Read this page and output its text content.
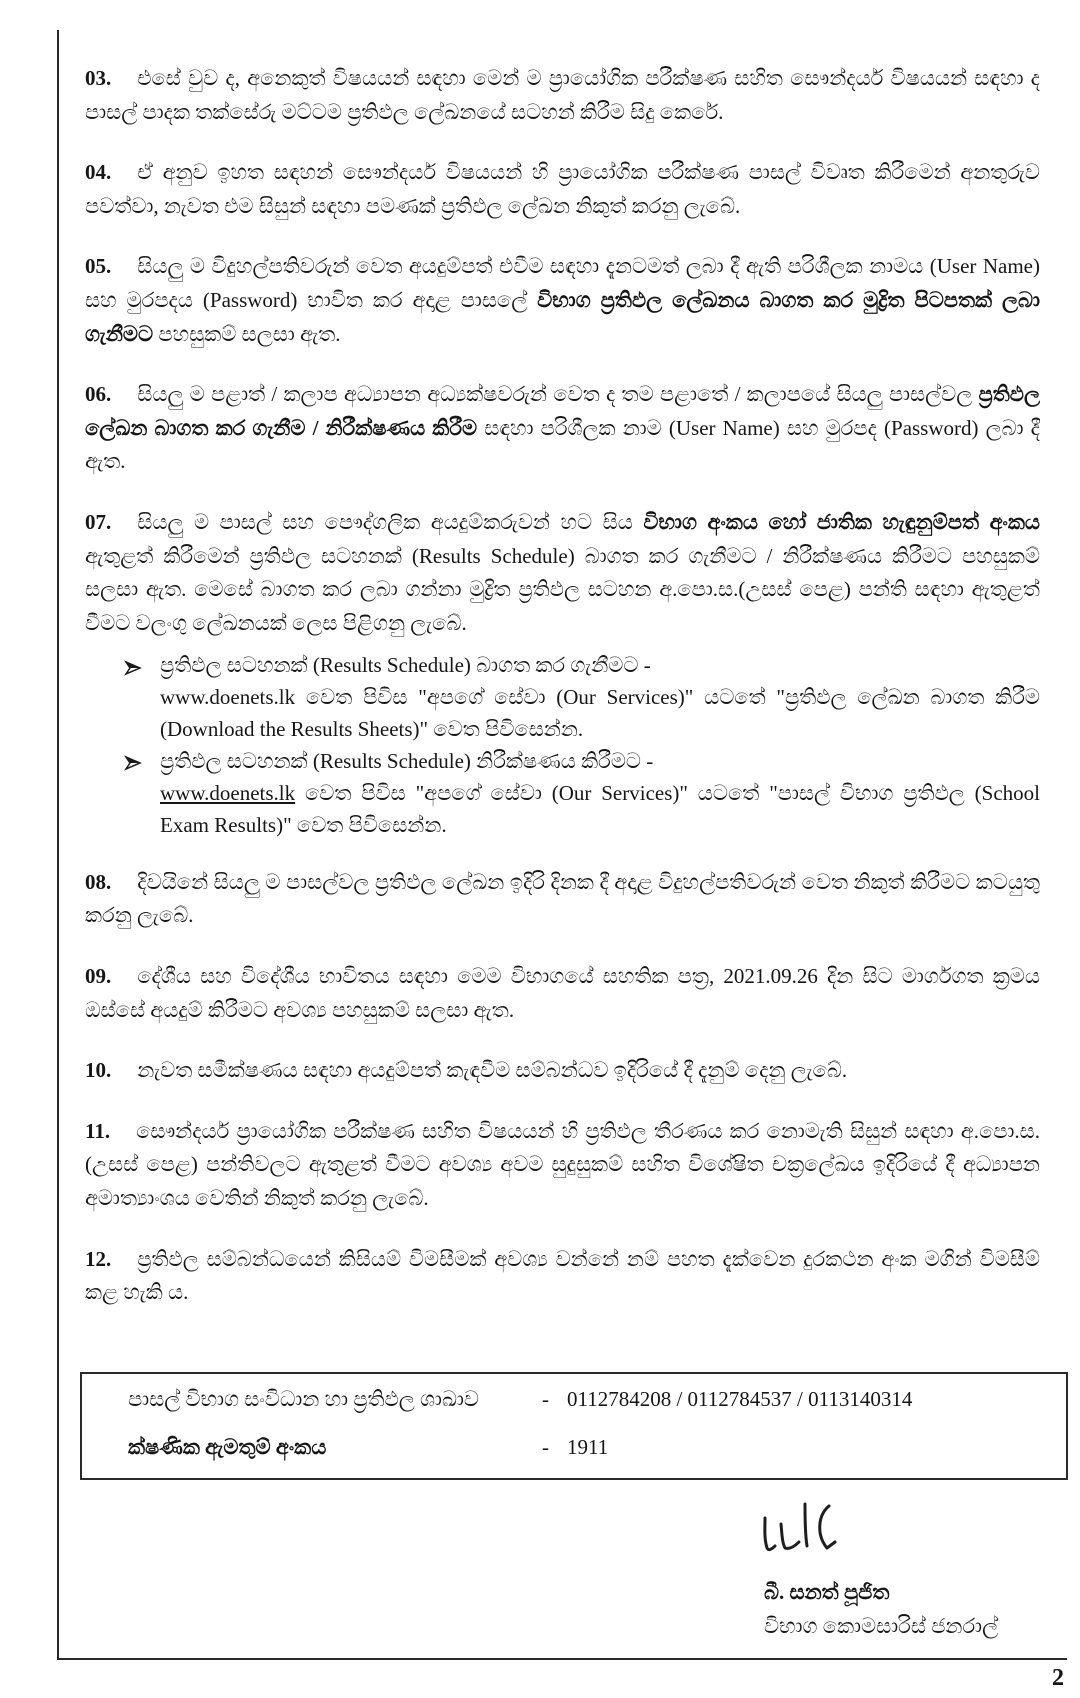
03. එසේ වුව ද, අනෙකුත් විෂයයන් සඳහා මෙන් ම ප්‍රායෝගික පරීක්ෂණ සහිත සෞන්දර්ය විෂයයන් සඳහා ද පාසල් පාදක තක්සේරු මට්ටම ප්‍රතිඵල ලේඛනයේ සටහන් කිරීම සිදු කෙරේ.

04. ඒ අනුව ඉහත සඳහන් සෞන්දර්ය විෂයයන් හි ප්‍රායෝගික පරීක්ෂණ පාසල් විවෘත කිරීමෙන් අනතුරුව පවත්වා, නැවත එම සිසුන් සඳහා පමණක් ප්‍රතිඵල ලේඛන නිකුත් කරනු ලැබේ.

05. සියලු ම විදුහල්පතිවරුන් වෙත අයදුම්පත් එවීම සඳහා දැනටමත් ලබා දී ඇති පරිශීලක නාමය (User Name) සහ මුරපදය (Password) භාවිත කර අදාළ පාසලේ විභාග ප්‍රතිඵල ලේඛනය බාගත කර මුද්‍රිත පිටපතක් ලබා ගැනීමට පහසුකම් සලසා ඇත.

06. සියලු ම පළාත් / කලාප අධ්‍යාපන අධ්‍යක්ෂවරුන් වෙත ද තම පළාතේ / කලාපයේ සියලු පාසල්වල ප්‍රතිඵල ලේඛන බාගත කර ගැනීම / නිරීක්ෂණය කිරීම සඳහා පරිශීලක නාම (User Name) සහ මුරපද (Password) ලබා දී ඇත.

07. සියලු ම පාසල් සහ පෞද්ගලික අයදුම්කරුවන් හට සිය විභාග අංකය හෝ ජාතික හැඳුනුම්පත් අංකය ඇතුළත් කිරීමෙන් ප්‍රතිඵල සටහනක් (Results Schedule) බාගත කර ගැනීමට / නිරීක්ෂණය කිරීමට පහසුකම් සලසා ඇත. මෙසේ බාගත කර ලබා ගන්නා මුද්‍රිත ප්‍රතිඵල සටහන අ.පො.ස.(උසස් පෙළ) පන්ති සඳහා ඇතුළත් වීමට වලංගු ලේඛනයක් ලෙස පිළිගනු ලැබේ.

ප්‍රතිඵල සටහනක් (Results Schedule) බාගත කර ගැනීමට -
www.doenets.lk වෙත පිවිස "අපගේ සේවා (Our Services)" යටතේ "ප්‍රතිඵල ලේඛන බාගත කිරීම (Download the Results Sheets)" වෙත පිවිසෙන්න.
ප්‍රතිඵල සටහනක් (Results Schedule) නිරීක්ෂණය කිරීමට -
www.doenets.lk වෙත පිවිස "අපගේ සේවා (Our Services)" යටතේ "පාසල් විභාග ප්‍රතිඵල (School Exam Results)" වෙත පිවිසෙන්න.

08. දිවයිනේ සියලු ම පාසල්වල ප්‍රතිඵල ලේඛන ඉදිරි දිනක දී අදාළ විදුහල්පතිවරුන් වෙත නිකුත් කිරීමට කටයුතු කරනු ලැබේ.

09. දේශීය සහ විදේශීය භාවිතය සඳහා මෙම විභාගයේ සහතික පත්‍ර, 2021.09.26 දින සිට මාර්ගගත ක්‍රමය ඔස්සේ අයදුම් කිරීමට අවශ්‍ය පහසුකම් සලසා ඇත.

10. නැවත සමීක්ෂණය සඳහා අයදුම්පත් කැඳවීම සම්බන්ධව ඉදිරියේ දී දැනුම් දෙනු ලැබේ.

11. සෞන්දර්ය ප්‍රායෝගික පරීක්ෂණ සහිත විෂයයන් හි ප්‍රතිඵල තීරණය කර නොමැති සිසුන් සඳහා අ.පො.ස.(උසස් පෙළ) පන්තිවලට ඇතුළත් වීමට අවශ්‍ය අවම සුදුසුකම් සහිත විශේෂිත චක්‍රලේඛය ඉදිරියේ දී අධ්‍යාපන අමාත්‍යාංශය වෙතින් නිකුත් කරනු ලැබේ.

12. ප්‍රතිඵල සම්බන්ධයෙන් කිසියම් විමසීමක් අවශ්‍ය වන්නේ නම් පහත දැක්වෙන දුරකථන අංක මගින් විමසීම් කළ හැකි ය.

පාසල් විභාග සංවිධාන හා ප්‍රතිඵල ශාඛාව	- 0112784208 / 0112784537 / 0113140314
ක්ෂණික ඇමතුම් අංකය	- 1911
බී. සනත් පූජිත
විභාග කොමසාරිස් ජනරාල්
2
